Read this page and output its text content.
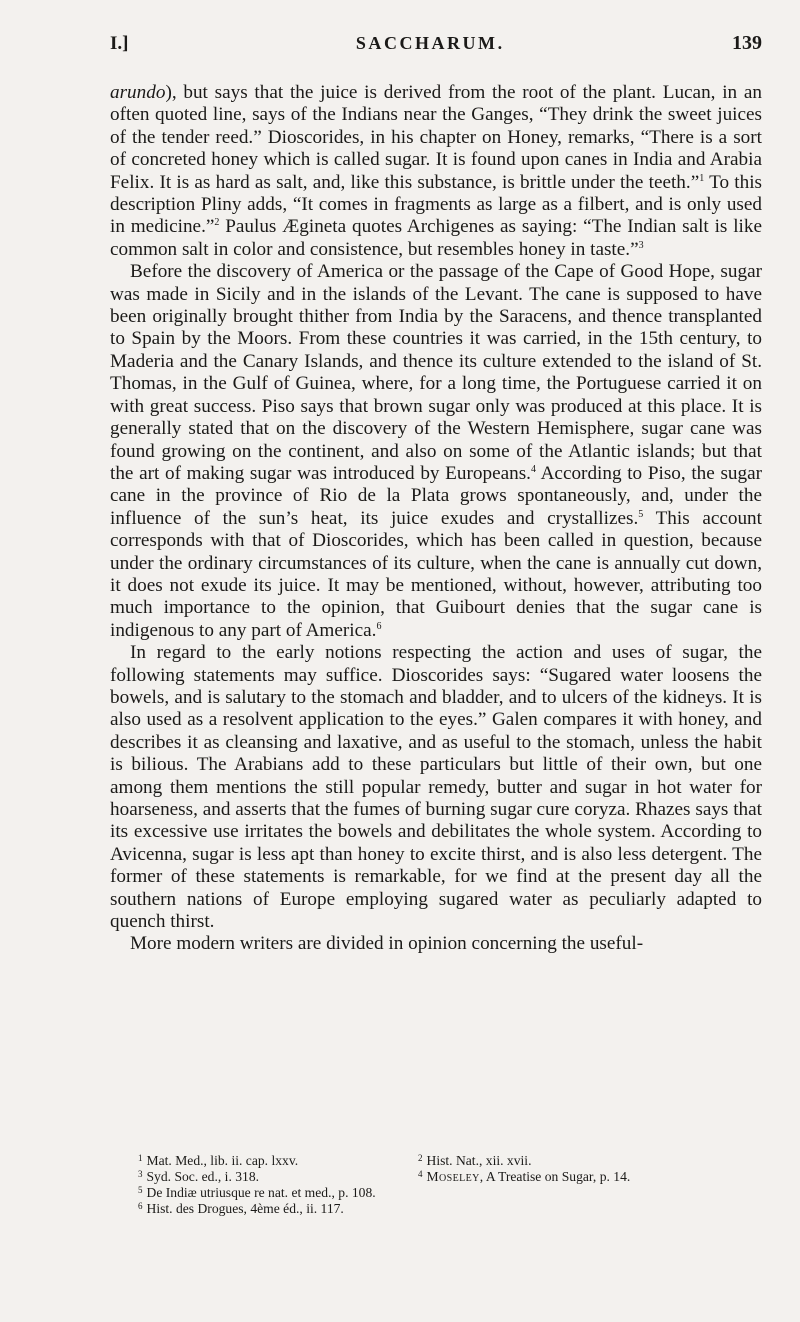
I.]	SACCHARUM.	139

arundo), but says that the juice is derived from the root of the plant. Lucan, in an often quoted line, says of the Indians near the Ganges, “They drink the sweet juices of the tender reed.” Dioscorides, in his chapter on Honey, remarks, “There is a sort of concreted honey which is called sugar. It is found upon canes in India and Arabia Felix. It is as hard as salt, and, like this substance, is brittle under the teeth.”$^1$ To this description Pliny adds, “It comes in fragments as large as a filbert, and is only used in medicine.”$^2$ Paulus Ægineta quotes Archigenes as saying: “The Indian salt is like common salt in color and consistence, but resembles honey in taste.”$^3$

Before the discovery of America or the passage of the Cape of Good Hope, sugar was made in Sicily and in the islands of the Levant. The cane is supposed to have been originally brought thither from India by the Saracens, and thence transplanted to Spain by the Moors. From these countries it was carried, in the 15th century, to Maderia and the Canary Islands, and thence its culture extended to the island of St. Thomas, in the Gulf of Guinea, where, for a long time, the Portuguese carried it on with great success. Piso says that brown sugar only was produced at this place. It is generally stated that on the discovery of the Western Hemisphere, sugar cane was found growing on the continent, and also on some of the Atlantic islands; but that the art of making sugar was introduced by Europeans.$^4$ According to Piso, the sugar cane in the province of Rio de la Plata grows spontaneously, and, under the influence of the sun’s heat, its juice exudes and crystallizes.$^5$ This account corresponds with that of Dioscorides, which has been called in question, because under the ordinary circumstances of its culture, when the cane is annually cut down, it does not exude its juice. It may be mentioned, without, however, attributing too much importance to the opinion, that Guibourt denies that the sugar cane is indigenous to any part of America.$^6$

In regard to the early notions respecting the action and uses of sugar, the following statements may suffice. Dioscorides says: “Sugared water loosens the bowels, and is salutary to the stomach and bladder, and to ulcers of the kidneys. It is also used as a resolvent application to the eyes.” Galen compares it with honey, and describes it as cleansing and laxative, and as useful to the stomach, unless the habit is bilious. The Arabians add to these particulars but little of their own, but one among them mentions the still popular remedy, butter and sugar in hot water for hoarseness, and asserts that the fumes of burning sugar cure coryza. Rhazes says that its excessive use irritates the bowels and debilitates the whole system. According to Avicenna, sugar is less apt than honey to excite thirst, and is also less detergent. The former of these statements is remarkable, for we find at the present day all the southern nations of Europe employing sugared water as peculiarly adapted to quench thirst.

More modern writers are divided in opinion concerning the useful-

$^1$ Mat. Med., lib. ii. cap. lxxv.	$^2$ Hist. Nat., xii. xvii.
$^3$ Syd. Soc. ed., i. 318.	$^4$ Moseley, A Treatise on Sugar, p. 14.
$^5$ De Indiæ utriusque re nat. et med., p. 108.
$^6$ Hist. des Drogues, 4ème éd., ii. 117.
